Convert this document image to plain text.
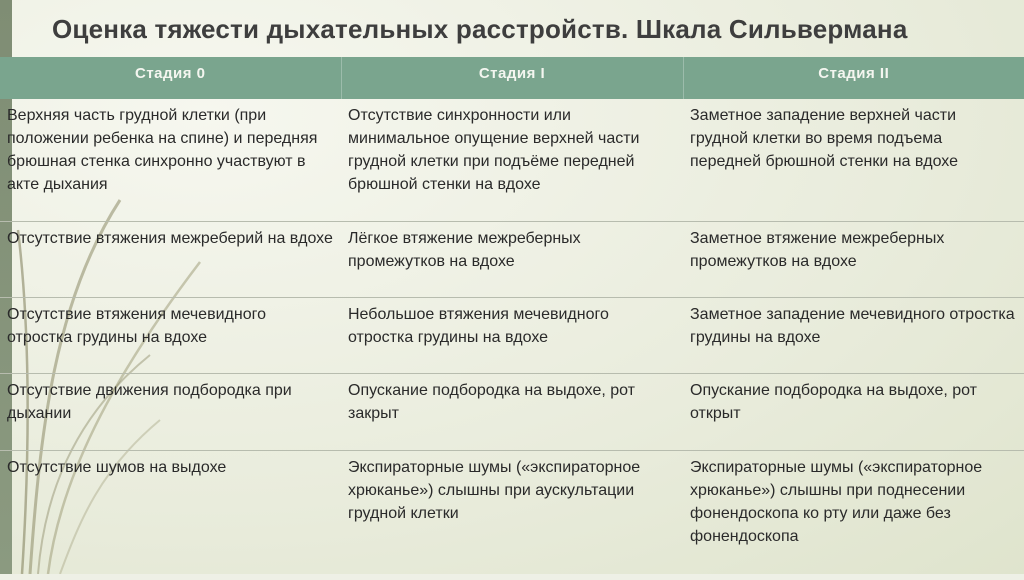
Оценка тяжести дыхательных расстройств. Шкала Сильвермана
Стадия 0	Стадия I	Стадия II
Верхняя часть грудной клетки (при положении ребенка на спине) и передняя брюшная стенка синхронно участвуют в акте дыхания	Отсутствие синхронности или минимальное опущение верхней части грудной клетки при подъёме передней брюшной стенки на вдохе	Заметное западение верхней части грудной клетки во время подъема передней брюшной стенки на вдохе
Отсутствие втяжения межреберий на вдохе	Лёгкое втяжение межреберных промежутков на вдохе	Заметное втяжение межреберных промежутков на вдохе
Отсутствие втяжения мечевидного отростка грудины на вдохе	Небольшое втяжения мечевидного отростка грудины на вдохе	Заметное западение мечевидного отростка грудины на вдохе
Отсутствие движения подбородка при дыхании	Опускание подбородка на выдохе, рот закрыт	Опускание подбородка на выдохе, рот открыт
Отсутствие шумов на выдохе	Экспираторные шумы («экспираторное хрюканье») слышны при аускультации грудной клетки	Экспираторные шумы («экспираторное хрюканье») слышны при поднесении фонендоскопа ко рту или даже без фонендоскопа
